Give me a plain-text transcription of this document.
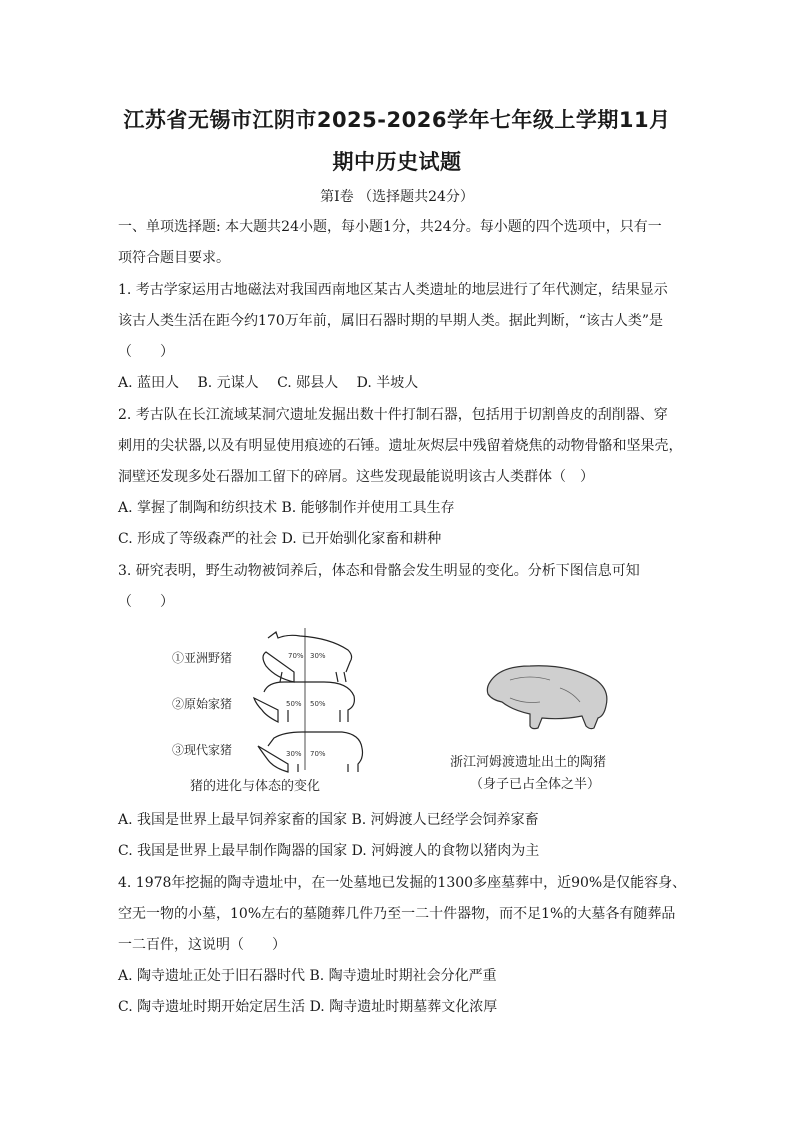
江苏省无锡市江阴市2025-2026学年七年级上学期11月
期中历史试题
第Ⅰ卷 （选择题共24分）
一、单项选择题: 本大题共24小题，每小题1分，共24分。每小题的四个选项中，只有一
项符合题目要求。
1. 考古学家运用古地磁法对我国西南地区某古人类遗址的地层进行了年代测定，结果显示
该古人类生活在距今约170万年前，属旧石器时期的早期人类。据此判断，“该古人类”是
（　　）
A. 蓝田人　 B. 元谋人　 C. 郧县人　 D. 半坡人
2. 考古队在长江流域某洞穴遗址发掘出数十件打制石器，包括用于切割兽皮的刮削器、穿
刺用的尖状器,以及有明显使用痕迹的石锤。遗址灰烬层中残留着烧焦的动物骨骼和坚果壳，
洞壁还发现多处石器加工留下的碎屑。这些发现最能说明该古人类群体（　）
A. 掌握了制陶和纺织技术 B. 能够制作并使用工具生存
C. 形成了等级森严的社会 D. 已开始驯化家畜和耕种
3. 研究表明，野生动物被饲养后，体态和骨骼会发生明显的变化。分析下图信息可知
（　　）
70% 30%
50% 50%
30% 70%
①亚洲野猪
②原始家猪
③现代家猪
猪的进化与体态的变化
浙江河姆渡遗址出土的陶猪
（身子已占全体之半）
A. 我国是世界上最早饲养家畜的国家 B. 河姆渡人已经学会饲养家畜
C. 我国是世界上最早制作陶器的国家 D. 河姆渡人的食物以猪肉为主
4. 1978年挖掘的陶寺遗址中，在一处墓地已发掘的1300多座墓葬中，近90%是仅能容身、
空无一物的小墓，10%左右的墓随葬几件乃至一二十件器物，而不足1%的大墓各有随葬品
一二百件，这说明（　　）
A. 陶寺遗址正处于旧石器时代 B. 陶寺遗址时期社会分化严重
C. 陶寺遗址时期开始定居生活 D. 陶寺遗址时期墓葬文化浓厚
